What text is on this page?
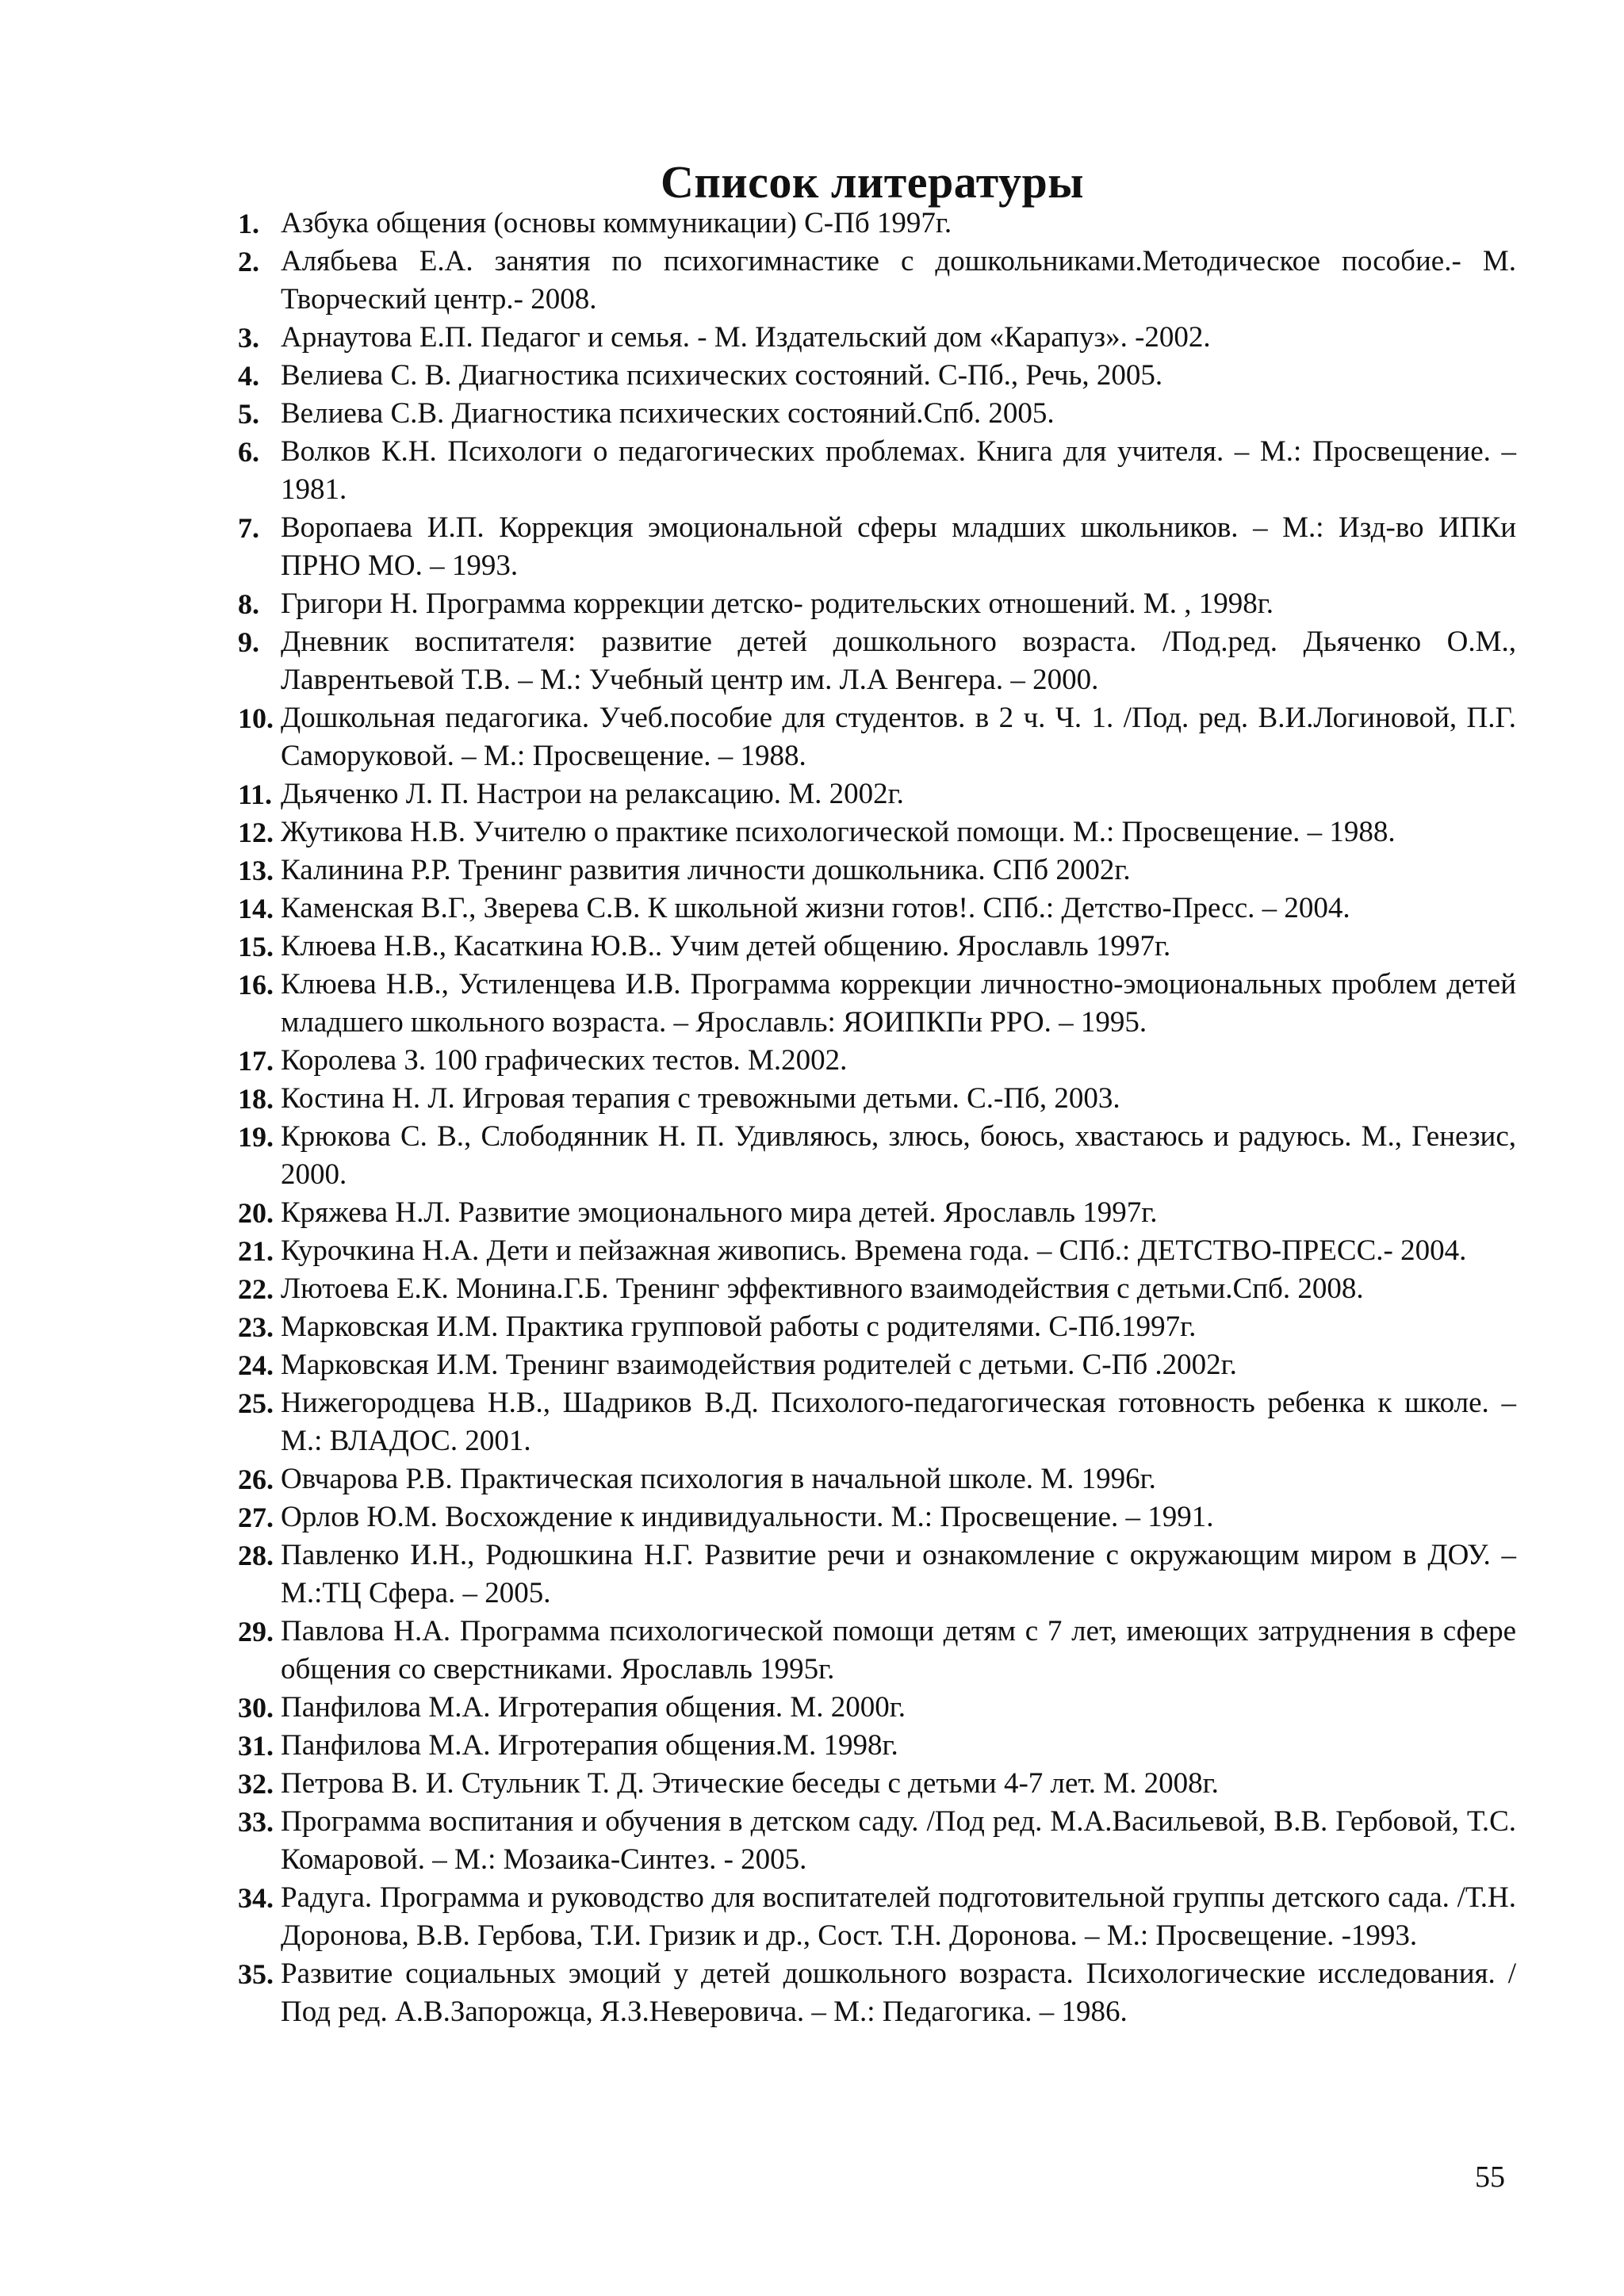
Список литературы
1. Азбука общения (основы коммуникации) С-Пб 1997г.
2. Алябьева Е.А. занятия по психогимнастике с дошкольниками.Методическое пособие.- М. Творческий центр.- 2008.
3. Арнаутова Е.П. Педагог и семья. - М. Издательский дом «Карапуз». -2002.
4. Велиева С. В. Диагностика психических состояний. С-Пб., Речь, 2005.
5. Велиева С.В. Диагностика психических состояний.Спб. 2005.
6. Волков К.Н. Психологи о педагогических проблемах. Книга для учителя. – М.: Просвещение. – 1981.
7. Воропаева И.П. Коррекция эмоциональной сферы младших школьников. – М.: Изд-во ИПКи ПРНО МО. – 1993.
8. Григори Н. Программа коррекции детско- родительских отношений. М. , 1998г.
9. Дневник воспитателя: развитие детей дошкольного возраста. /Под.ред. Дьяченко О.М., Лаврентьевой Т.В. – М.: Учебный центр им. Л.А Венгера. – 2000.
10. Дошкольная педагогика. Учеб.пособие для студентов. в 2 ч. Ч. 1. /Под. ред. В.И.Логиновой, П.Г. Саморуковой. – М.: Просвещение. – 1988.
11. Дьяченко Л. П. Настрои на релаксацию. М. 2002г.
12. Жутикова Н.В. Учителю о практике психологической помощи. М.: Просвещение. – 1988.
13. Калинина Р.Р. Тренинг развития личности дошкольника. СПб 2002г.
14. Каменская В.Г., Зверева С.В. К школьной жизни готов!. СПб.: Детство-Пресс. – 2004.
15. Клюева Н.В., Касаткина Ю.В.. Учим детей общению. Ярославль 1997г.
16. Клюева Н.В., Устиленцева И.В. Программа коррекции личностно-эмоциональных проблем детей младшего школьного возраста. – Ярославль: ЯОИПКПи РРО. – 1995.
17. Королева З. 100 графических тестов. М.2002.
18. Костина Н. Л. Игровая терапия с тревожными детьми. С.-Пб, 2003.
19. Крюкова С. В., Слободянник Н. П. Удивляюсь, злюсь, боюсь, хвастаюсь и радуюсь. М., Генезис, 2000.
20. Кряжева Н.Л. Развитие эмоционального мира детей. Ярославль 1997г.
21. Курочкина Н.А. Дети и пейзажная живопись. Времена года. – СПб.: ДЕТСТВО-ПРЕСС.- 2004.
22. Лютоева Е.К. Монина.Г.Б. Тренинг эффективного взаимодействия с детьми.Спб. 2008.
23. Марковская И.М. Практика групповой работы с родителями. С-Пб.1997г.
24. Марковская И.М. Тренинг взаимодействия родителей с детьми. С-Пб .2002г.
25. Нижегородцева Н.В., Шадриков В.Д. Психолого-педагогическая готовность ребенка к школе. – М.: ВЛАДОС. 2001.
26. Овчарова Р.В. Практическая психология в начальной школе. М. 1996г.
27. Орлов Ю.М. Восхождение к индивидуальности. М.: Просвещение. – 1991.
28. Павленко И.Н., Родюшкина Н.Г. Развитие речи и ознакомление с окружающим миром в ДОУ. – М.:ТЦ Сфера. – 2005.
29. Павлова Н.А. Программа психологической помощи детям с 7 лет, имеющих затруднения в сфере общения со сверстниками. Ярославль 1995г.
30. Панфилова М.А. Игротерапия общения. М. 2000г.
31. Панфилова М.А. Игротерапия общения.М. 1998г.
32. Петрова В. И. Стульник Т. Д. Этические беседы с детьми 4-7 лет. М. 2008г.
33. Программа воспитания и обучения в детском саду. /Под ред. М.А.Васильевой, В.В. Гербовой, Т.С. Комаровой. – М.: Мозаика-Синтез. - 2005.
34. Радуга. Программа и руководство для воспитателей подготовительной группы детского сада. /Т.Н. Доронова, В.В. Гербова, Т.И. Гризик и др., Сост. Т.Н. Доронова. – М.: Просвещение. -1993.
35. Развитие социальных эмоций у детей дошкольного возраста. Психологические исследования. /Под ред. А.В.Запорожца, Я.З.Неверовича. – М.: Педагогика. – 1986.
55
